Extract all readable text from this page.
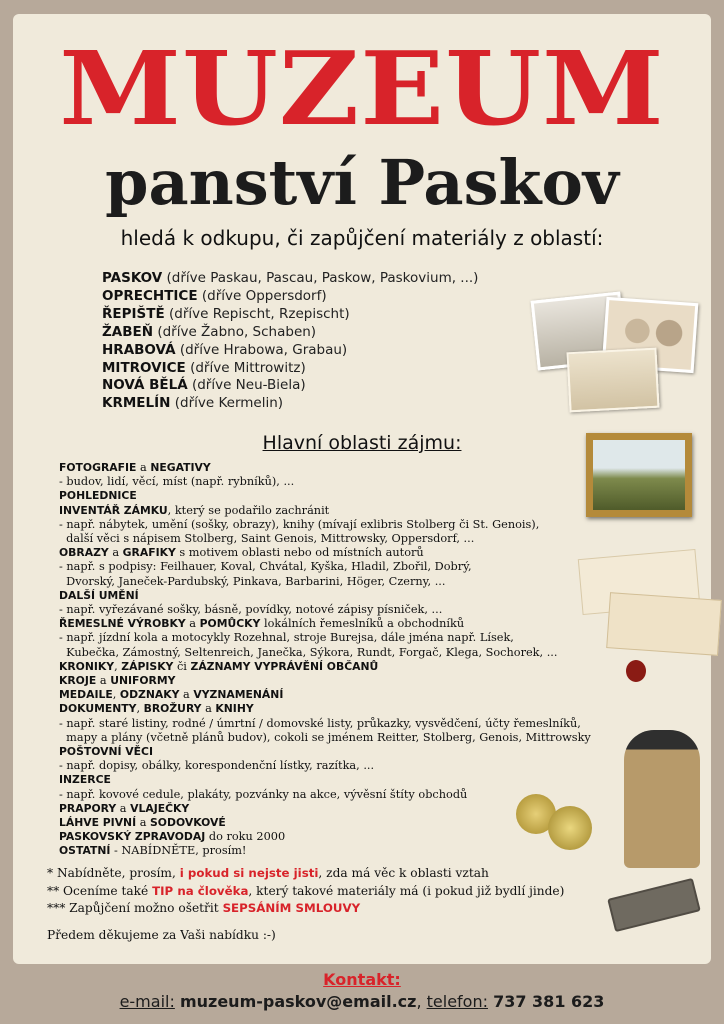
MUZEUM
panství Paskov
hledá k odkupu, či zapůjčení materiály z oblastí:
PASKOV (dříve Paskau, Pascau, Paskow, Paskovium, ...)
OPRECHTICE (dříve Oppersdorf)
ŘEPIŠTĚ (dříve Repischt, Rzepischt)
ŽABEŇ (dříve Žabno, Schaben)
HRABOVÁ (dříve Hrabowa, Grabau)
MITROVICE (dříve Mittrowitz)
NOVÁ BĚLÁ (dříve Neu-Biela)
KRMELÍN (dříve Kermelin)
Hlavní oblasti zájmu:
FOTOGRAFIE a NEGATIVY
- budov, lidí, věcí, míst (např. rybníků), ...
POHLEDNICE
INVENTÁŘ ZÁMKU, který se podařilo zachránit
- např. nábytek, umění (sošky, obrazy), knihy (mívají exlibris Stolberg či St. Genois),
další věci s nápisem Stolberg, Saint Genois, Mittrowsky, Oppersdorf, ...
OBRAZY a GRAFIKY s motivem oblasti nebo od místních autorů
- např. s podpisy: Feilhauer, Koval, Chvátal, Kyška, Hladil, Zbořil, Dobrý,
Dvorský, Janeček-Pardubský, Pinkava, Barbarini, Höger, Czerny, ...
DALŠÍ UMĚNÍ
- např. vyřezávané sošky, básně, povídky, notové zápisy písniček, ...
ŘEMESLNÉ VÝROBKY a POMŮCKY lokálních řemeslníků a obchodníků
- např. jízdní kola a motocykly Rozehnal, stroje Burejsa, dále jména např. Lísek,
Kubečka, Zámostný, Seltenreich, Janečka, Sýkora, Rundt, Forgač, Klega, Sochorek, ...
KRONIKY, ZÁPISKY či ZÁZNAMY VYPRÁVĚNÍ OBČANŮ
KROJE a UNIFORMY
MEDAILE, ODZNAKY a VYZNAMENÁNÍ
DOKUMENTY, BROŽURY a KNIHY
- např. staré listiny, rodné / úmrtní / domovské listy, průkazky, vysvědčení, účty řemeslníků,
mapy a plány (včetně plánů budov), cokoli se jménem Reitter, Stolberg, Genois, Mittrowsky
POŠTOVNÍ VĚCI
- např. dopisy, obálky, korespondenční lístky, razítka, ...
INZERCE
- např. kovové cedule, plakáty, pozvánky na akce, vývěsní štíty obchodů
PRAPORY a VLAJEČKY
LÁHVE PIVNÍ a SODOVKOVÉ
PASKOVSKÝ ZPRAVODAJ do roku 2000
OSTATNÍ - NABÍDNĚTE, prosím!
* Nabídněte, prosím, i pokud si nejste jisti, zda má věc k oblasti vztah
** Oceníme také TIP na člověka, který takové materiály má (i pokud již bydlí jinde)
*** Zapůjčení možno ošetřit SEPSÁNÍM SMLOUVY
Předem děkujeme za Vaši nabídku :-)
Kontakt:
e-mail: muzeum-paskov@email.cz, telefon: 737 381 623
